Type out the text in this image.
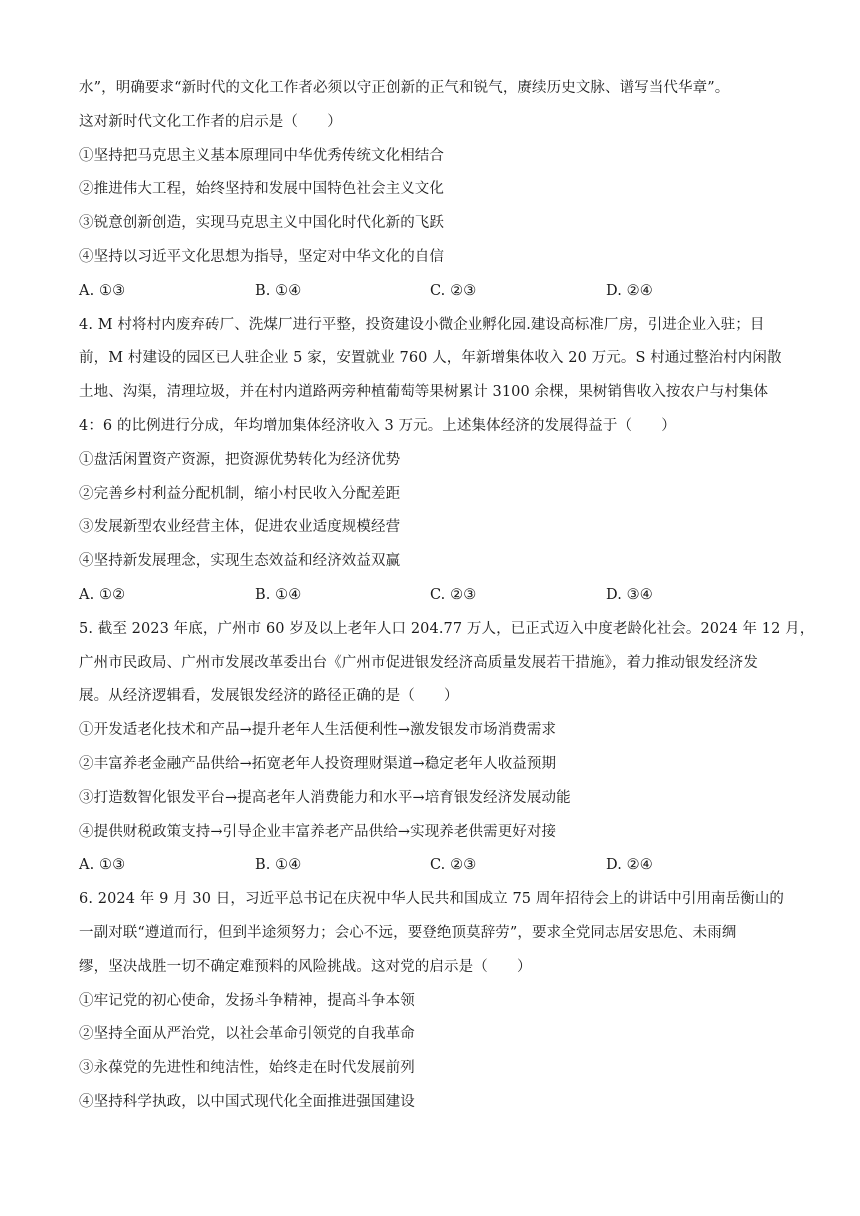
水”，明确要求“新时代的文化工作者必须以守正创新的正气和锐气，赓续历史文脉、谱写当代华章”。
这对新时代文化工作者的启示是（　　）
①坚持把马克思主义基本原理同中华优秀传统文化相结合
②推进伟大工程，始终坚持和发展中国特色社会主义文化
③锐意创新创造，实现马克思主义中国化时代化新的飞跃
④坚持以习近平文化思想为指导，坚定对中华文化的自信
A. ①③	B. ①④	C. ②③	D. ②④
4. M 村将村内废弃砖厂、洗煤厂进行平整，投资建设小微企业孵化园.建设高标准厂房，引进企业入驻；目
前，M 村建设的园区已人驻企业 5 家，安置就业 760 人，年新增集体收入 20 万元。S 村通过整治村内闲散
土地、沟渠，清理垃圾，并在村内道路两旁种植葡萄等果树累计 3100 余棵，果树销售收入按农户与村集体
4：6 的比例进行分成，年均增加集体经济收入 3 万元。上述集体经济的发展得益于（　　）
①盘活闲置资产资源，把资源优势转化为经济优势
②完善乡村利益分配机制，缩小村民收入分配差距
③发展新型农业经营主体，促进农业适度规模经营
④坚持新发展理念，实现生态效益和经济效益双赢
A. ①②	B. ①④	C. ②③	D. ③④
5. 截至 2023 年底，广州市 60 岁及以上老年人口 204.77 万人，已正式迈入中度老龄化社会。2024 年 12 月，
广州市民政局、广州市发展改革委出台《广州市促进银发经济高质量发展若干措施》，着力推动银发经济发
展。从经济逻辑看，发展银发经济的路径正确的是（　　）
①开发适老化技术和产品→提升老年人生活便利性→激发银发市场消费需求
②丰富养老金融产品供给→拓宽老年人投资理财渠道→稳定老年人收益预期
③打造数智化银发平台→提高老年人消费能力和水平→培育银发经济发展动能
④提供财税政策支持→引导企业丰富养老产品供给→实现养老供需更好对接
A. ①③	B. ①④	C. ②③	D. ②④
6. 2024 年 9 月 30 日，习近平总书记在庆祝中华人民共和国成立 75 周年招待会上的讲话中引用南岳衡山的
一副对联“遵道而行，但到半途须努力；会心不远，要登绝顶莫辞劳”，要求全党同志居安思危、未雨绸
缪，坚决战胜一切不确定难预料的风险挑战。这对党的启示是（　　）
①牢记党的初心使命，发扬斗争精神，提高斗争本领
②坚持全面从严治党，以社会革命引领党的自我革命
③永葆党的先进性和纯洁性，始终走在时代发展前列
④坚持科学执政，以中国式现代化全面推进强国建设
